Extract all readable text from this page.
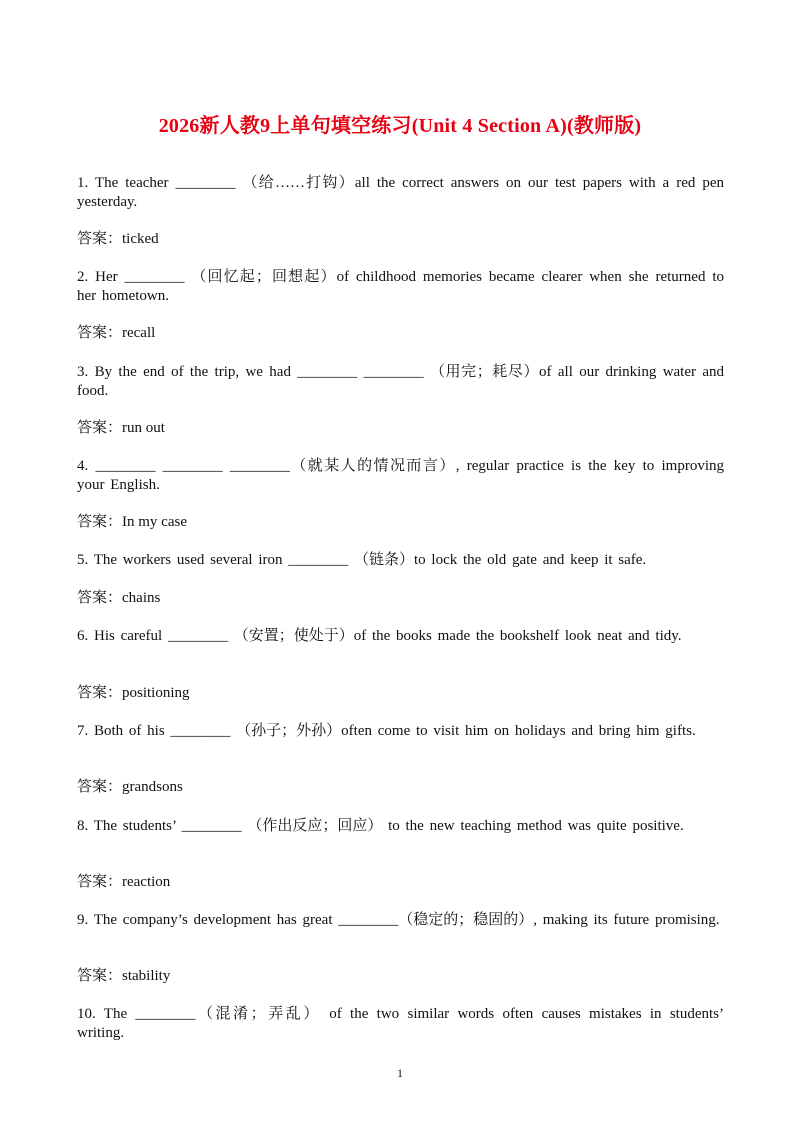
2026新人教9上单句填空练习(Unit 4 Section A)(教师版)
1. The teacher ________ （给……打钩）all the correct answers on our test papers with a red pen yesterday.
答案：ticked
2. Her ________ （回忆起；回想起）of childhood memories became clearer when she returned to her hometown.
答案：recall
3. By the end of the trip, we had ________ ________ （用完；耗尽）of all our drinking water and food.
答案：run out
4. ________ ________ ________（就某人的情况而言）, regular practice is the key to improving your English.
答案：In my case
5. The workers used several iron ________ （链条）to lock the old gate and keep it safe.
答案：chains
6. His careful ________ （安置；使处于）of the books made the bookshelf look neat and tidy.
答案：positioning
7. Both of his ________ （孙子；外孙）often come to visit him on holidays and bring him gifts.
答案：grandsons
8. The students’ ________ （作出反应；回应） to the new teaching method was quite positive.
答案：reaction
9. The company’s development has great ________（稳定的；稳固的）, making its future promising.
答案：stability
10. The ________（混淆；弄乱） of the two similar words often causes mistakes in students’ writing.
1
